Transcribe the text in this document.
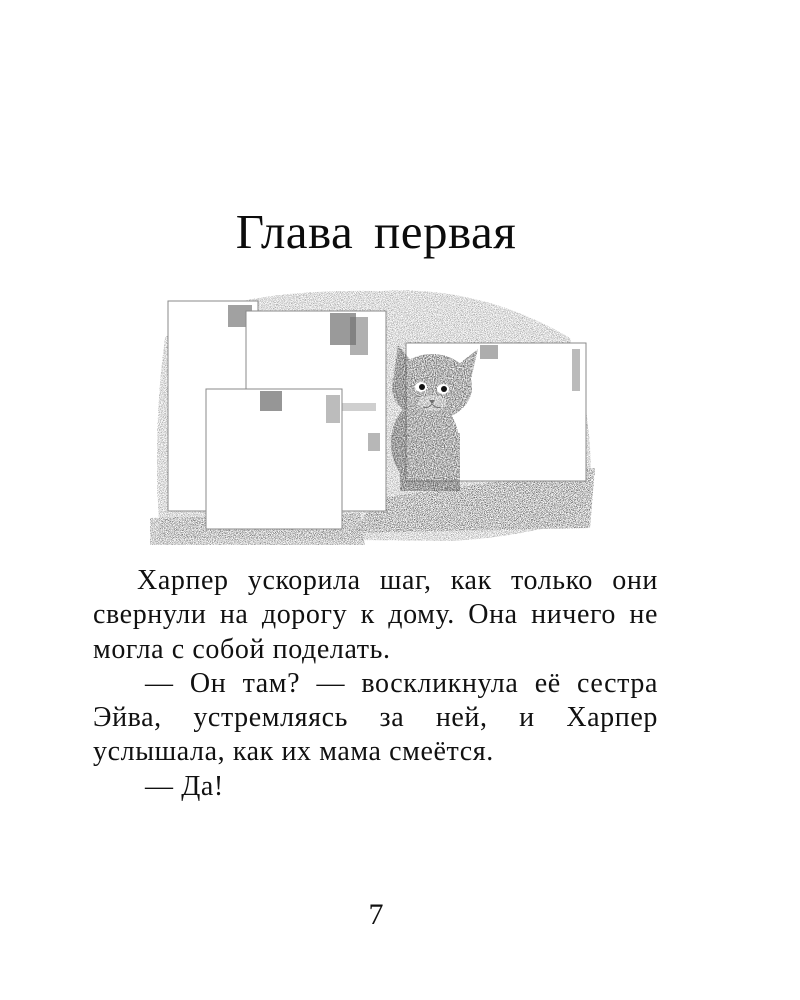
Глава первая

Харпер ускорила шаг, как только они свернули на дорогу к дому. Она ничего не могла с собой поделать.

— Он там? — воскликнула её сестра Эйва, устремляясь за ней, и Харпер услышала, как их мама смеётся.

— Да!

7
